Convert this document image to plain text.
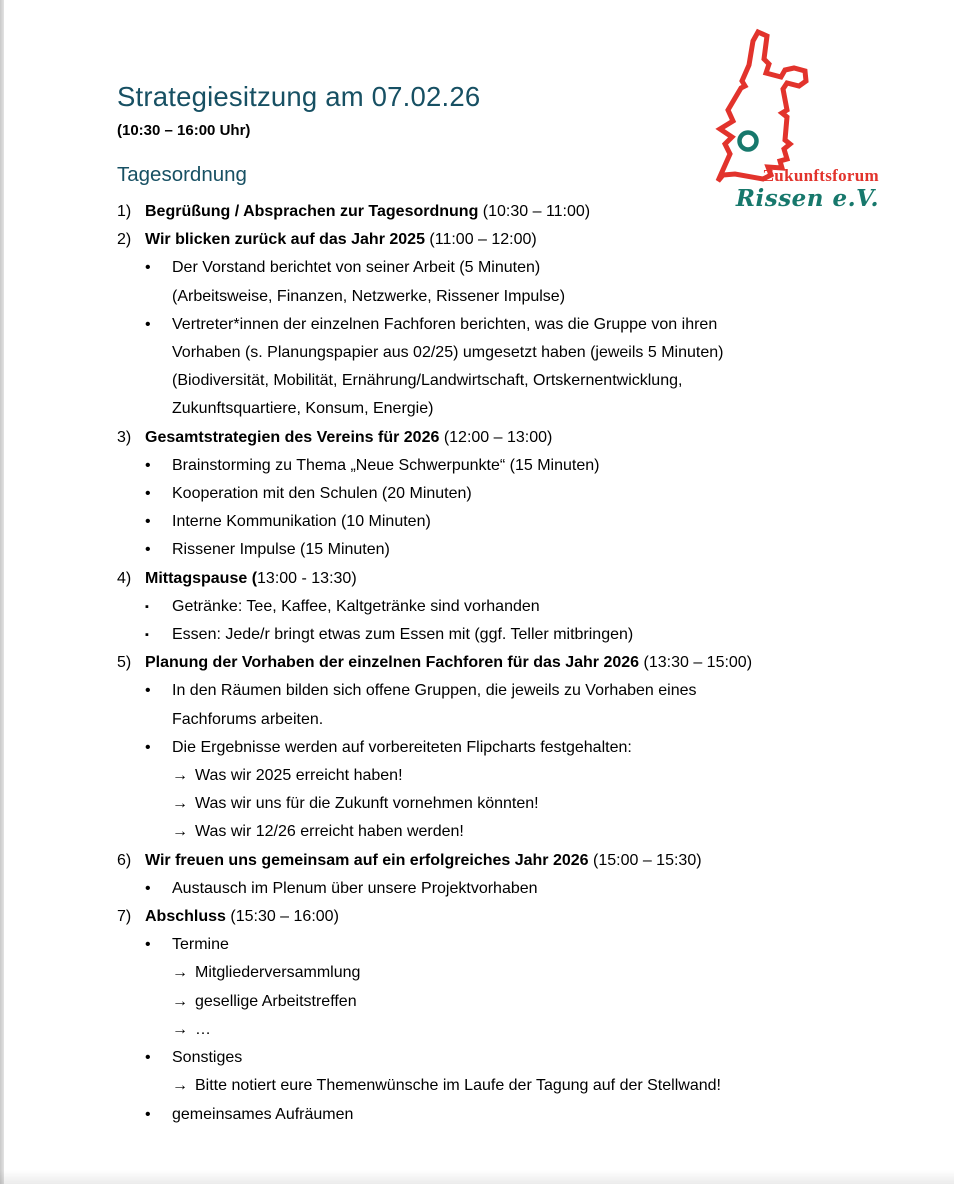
Zukunftsforum
Rissen e.V.
Strategiesitzung am 07.02.26
(10:30 – 16:00 Uhr)
Tagesordnung
1) Begrüßung / Absprachen zur Tagesordnung (10:30 – 11:00)
2) Wir blicken zurück auf das Jahr 2025 (11:00 – 12:00)
•	Der Vorstand berichtet von seiner Arbeit (5 Minuten)
(Arbeitsweise, Finanzen, Netzwerke, Rissener Impulse)
•	Vertreter*innen der einzelnen Fachforen berichten, was die Gruppe von ihren
Vorhaben (s. Planungspapier aus 02/25) umgesetzt haben (jeweils 5 Minuten)
(Biodiversität, Mobilität, Ernährung/Landwirtschaft, Ortskernentwicklung,
Zukunftsquartiere, Konsum, Energie)
3) Gesamtstrategien des Vereins für 2026 (12:00 – 13:00)
•	Brainstorming zu Thema „Neue Schwerpunkte“ (15 Minuten)
•	Kooperation mit den Schulen (20 Minuten)
•	Interne Kommunikation (10 Minuten)
•	Rissener Impulse (15 Minuten)
4) Mittagspause (13:00 - 13:30)
▪	Getränke: Tee, Kaffee, Kaltgetränke sind vorhanden
▪	Essen: Jede/r bringt etwas zum Essen mit (ggf. Teller mitbringen)
5) Planung der Vorhaben der einzelnen Fachforen für das Jahr 2026 (13:30 – 15:00)
•	In den Räumen bilden sich offene Gruppen, die jeweils zu Vorhaben eines
Fachforums arbeiten.
•	Die Ergebnisse werden auf vorbereiteten Flipcharts festgehalten:
→ Was wir 2025 erreicht haben!
→ Was wir uns für die Zukunft vornehmen könnten!
→ Was wir 12/26 erreicht haben werden!
6) Wir freuen uns gemeinsam auf ein erfolgreiches Jahr 2026 (15:00 – 15:30)
•	Austausch im Plenum über unsere Projektvorhaben
7) Abschluss (15:30 – 16:00)
•	Termine
→ Mitgliederversammlung
→ gesellige Arbeitstreffen
→ …
•	Sonstiges
→ Bitte notiert eure Themenwünsche im Laufe der Tagung auf der Stellwand!
•	gemeinsames Aufräumen
